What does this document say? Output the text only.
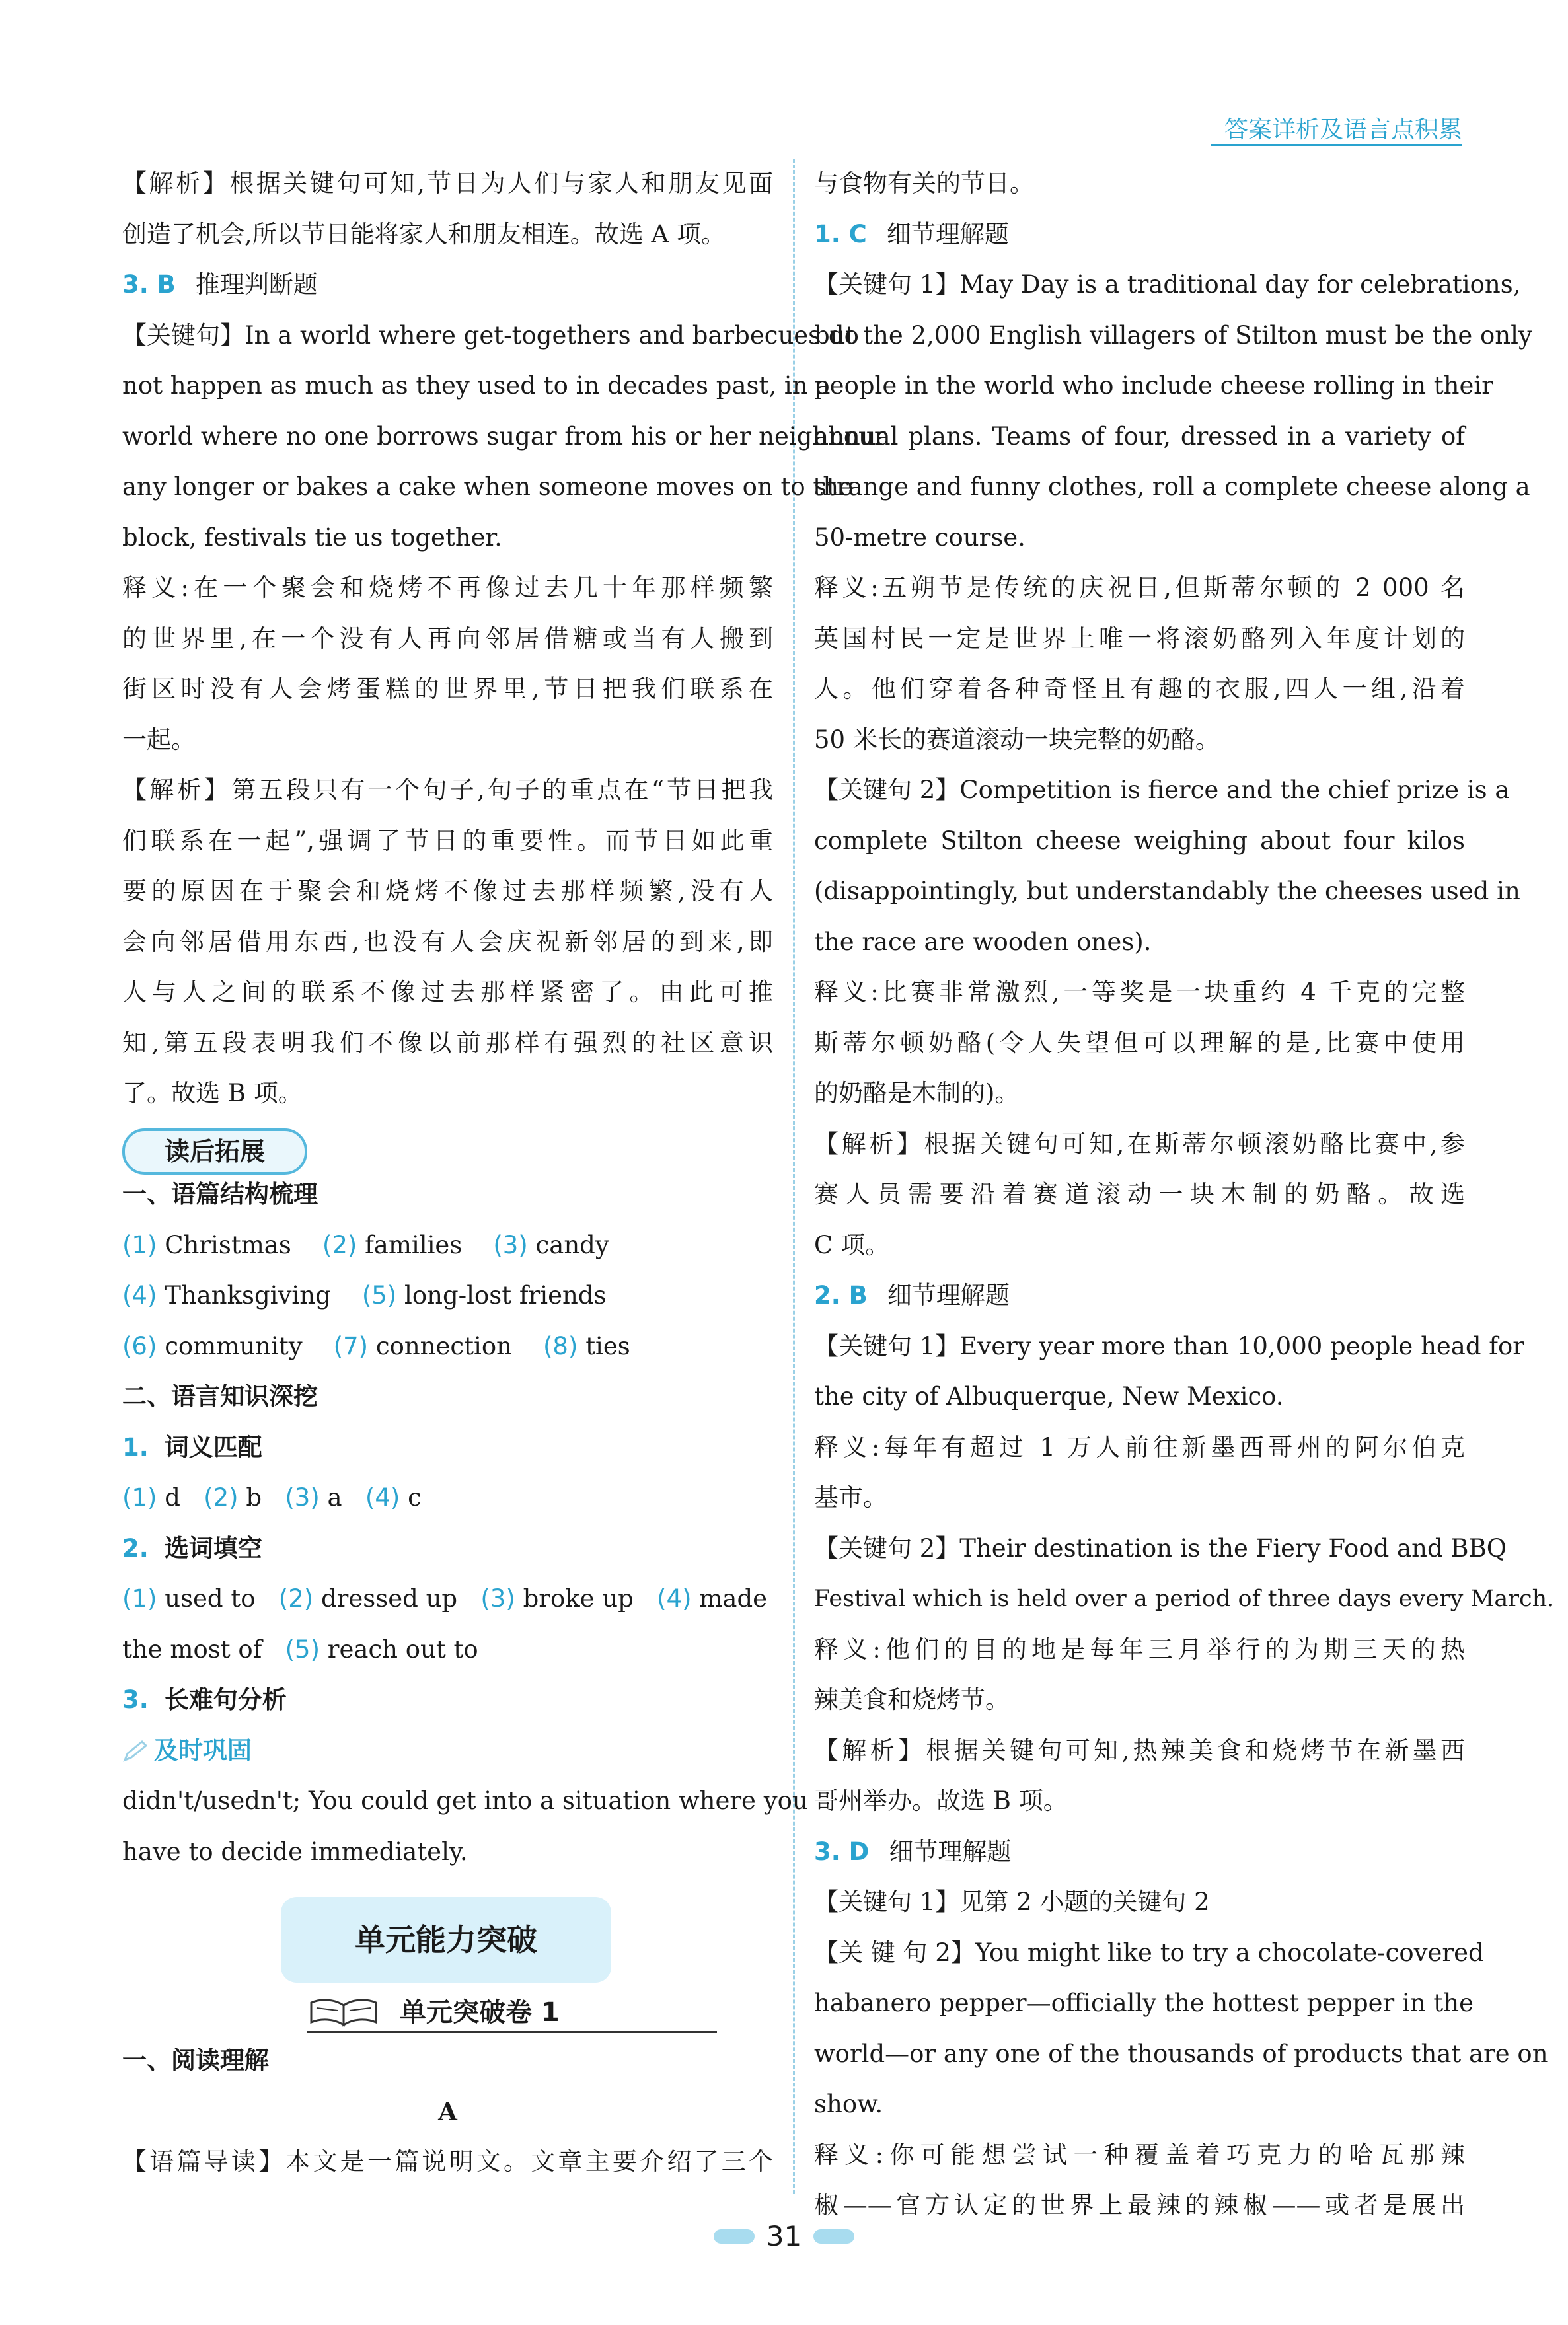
答案详析及语言点积累
【解析】根据关键句可知,节日为人们与家人和朋友见面
创造了机会,所以节日能将家人和朋友相连。故选 A 项。
3. B 推理判断题
【关键句】In a world where get-togethers and barbecues do
not happen as much as they used to in decades past, in a
world where no one borrows sugar from his or her neighbour
any longer or bakes a cake when someone moves on to the
block, festivals tie us together.
释义:在一个聚会和烧烤不再像过去几十年那样频繁
的世界里,在一个没有人再向邻居借糖或当有人搬到
街区时没有人会烤蛋糕的世界里,节日把我们联系在
一起。
【解析】第五段只有一个句子,句子的重点在“节日把我
们联系在一起”,强调了节日的重要性。而节日如此重
要的原因在于聚会和烧烤不像过去那样频繁,没有人
会向邻居借用东西,也没有人会庆祝新邻居的到来,即
人与人之间的联系不像过去那样紧密了。由此可推
知,第五段表明我们不像以前那样有强烈的社区意识
了。故选 B 项。
读后拓展
一、语篇结构梳理
(1) Christmas (2) families (3) candy
(4) Thanksgiving (5) long-lost friends
(6) community (7) connection (8) ties
二、语言知识深挖
1. 词义匹配
(1) d (2) b (3) a (4) c
2. 选词填空
(1) used to (2) dressed up (3) broke up (4) made
the most of (5) reach out to
3. 长难句分析
及时巩固
didn't/usedn't; You could get into a situation where you
have to decide immediately.
单元能力突破
单元突破卷 1
一、阅读理解
A
【语篇导读】本文是一篇说明文。文章主要介绍了三个
与食物有关的节日。
1. C 细节理解题
【关键句 1】May Day is a traditional day for celebrations,
but the 2,000 English villagers of Stilton must be the only
people in the world who include cheese rolling in their
annual plans. Teams of four, dressed in a variety of
strange and funny clothes, roll a complete cheese along a
50-metre course.
释义:五朔节是传统的庆祝日,但斯蒂尔顿的 2 000 名
英国村民一定是世界上唯一将滚奶酪列入年度计划的
人。他们穿着各种奇怪且有趣的衣服,四人一组,沿着
50 米长的赛道滚动一块完整的奶酪。
【关键句 2】Competition is fierce and the chief prize is a
complete Stilton cheese weighing about four kilos
(disappointingly, but understandably the cheeses used in
the race are wooden ones).
释义:比赛非常激烈,一等奖是一块重约 4 千克的完整
斯蒂尔顿奶酪(令人失望但可以理解的是,比赛中使用
的奶酪是木制的)。
【解析】根据关键句可知,在斯蒂尔顿滚奶酪比赛中,参
赛人员需要沿着赛道滚动一块木制的奶酪。故选
C 项。
2. B 细节理解题
【关键句 1】Every year more than 10,000 people head for
the city of Albuquerque, New Mexico.
释义:每年有超过 1 万人前往新墨西哥州的阿尔伯克
基市。
【关键句 2】Their destination is the Fiery Food and BBQ
Festival which is held over a period of three days every March.
释义:他们的目的地是每年三月举行的为期三天的热
辣美食和烧烤节。
【解析】根据关键句可知,热辣美食和烧烤节在新墨西
哥州举办。故选 B 项。
3. D 细节理解题
【关键句 1】见第 2 小题的关键句 2
【关 键 句 2】You might like to try a chocolate-covered
habanero pepper—officially the hottest pepper in the
world—or any one of the thousands of products that are on
show.
释义:你可能想尝试一种覆盖着巧克力的哈瓦那辣
椒——官方认定的世界上最辣的辣椒——或者是展出
31
